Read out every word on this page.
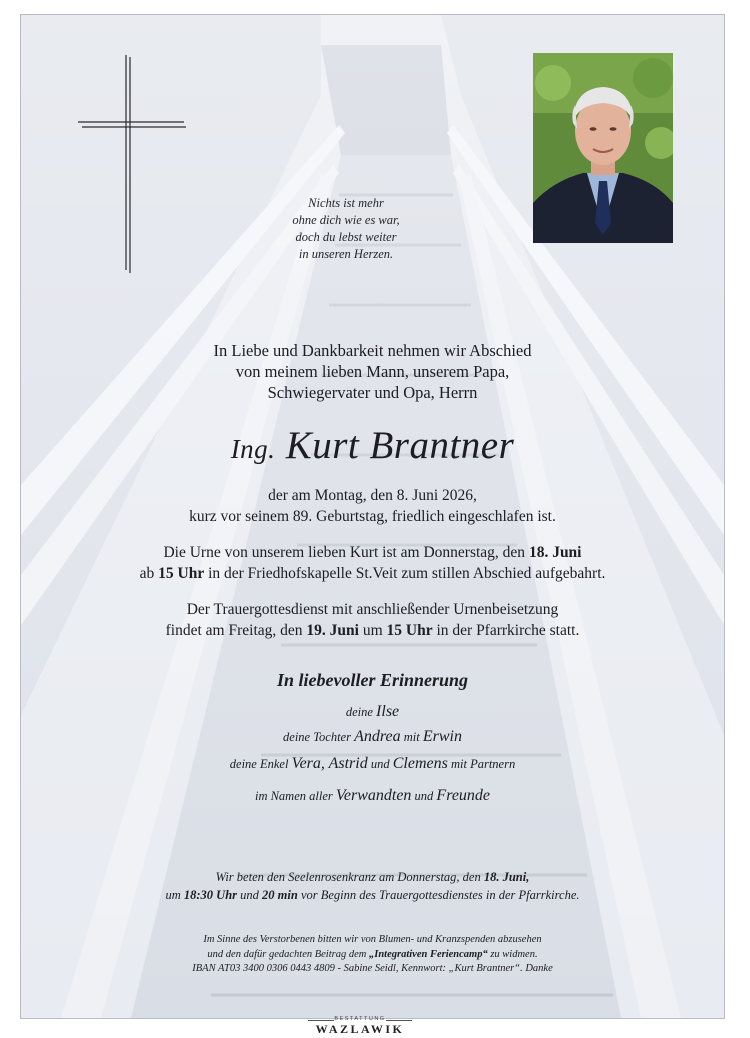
Nichts ist mehr
ohne dich wie es war,
doch du lebst weiter
in unseren Herzen.
In Liebe und Dankbarkeit nehmen wir Abschied
von meinem lieben Mann, unserem Papa,
Schwiegervater und Opa, Herrn
Ing. Kurt Brantner
der am Montag, den 8. Juni 2026,
kurz vor seinem 89. Geburtstag, friedlich eingeschlafen ist.
Die Urne von unserem lieben Kurt ist am Donnerstag, den 18. Juni
ab 15 Uhr in der Friedhofskapelle St.Veit zum stillen Abschied aufgebahrt.
Der Trauergottesdienst mit anschließender Urnenbeisetzung
findet am Freitag, den 19. Juni um 15 Uhr in der Pfarrkirche statt.
In liebevoller Erinnerung
deine Ilse
deine Tochter Andrea mit Erwin
deine Enkel Vera, Astrid und Clemens mit Partnern
im Namen aller Verwandten und Freunde
Wir beten den Seelenrosenkranz am Donnerstag, den 18. Juni,
um 18:30 Uhr und 20 min vor Beginn des Trauergottesdienstes in der Pfarrkirche.
Im Sinne des Verstorbenen bitten wir von Blumen- und Kranzspenden abzusehen
und den dafür gedachten Beitrag dem „Integrativen Feriencamp“ zu widmen.
IBAN AT03 3400 0306 0443 4809 - Sabine Seidl, Kennwort: „Kurt Brantner“. Danke
BESTATTUNG
WAZLAWIK
